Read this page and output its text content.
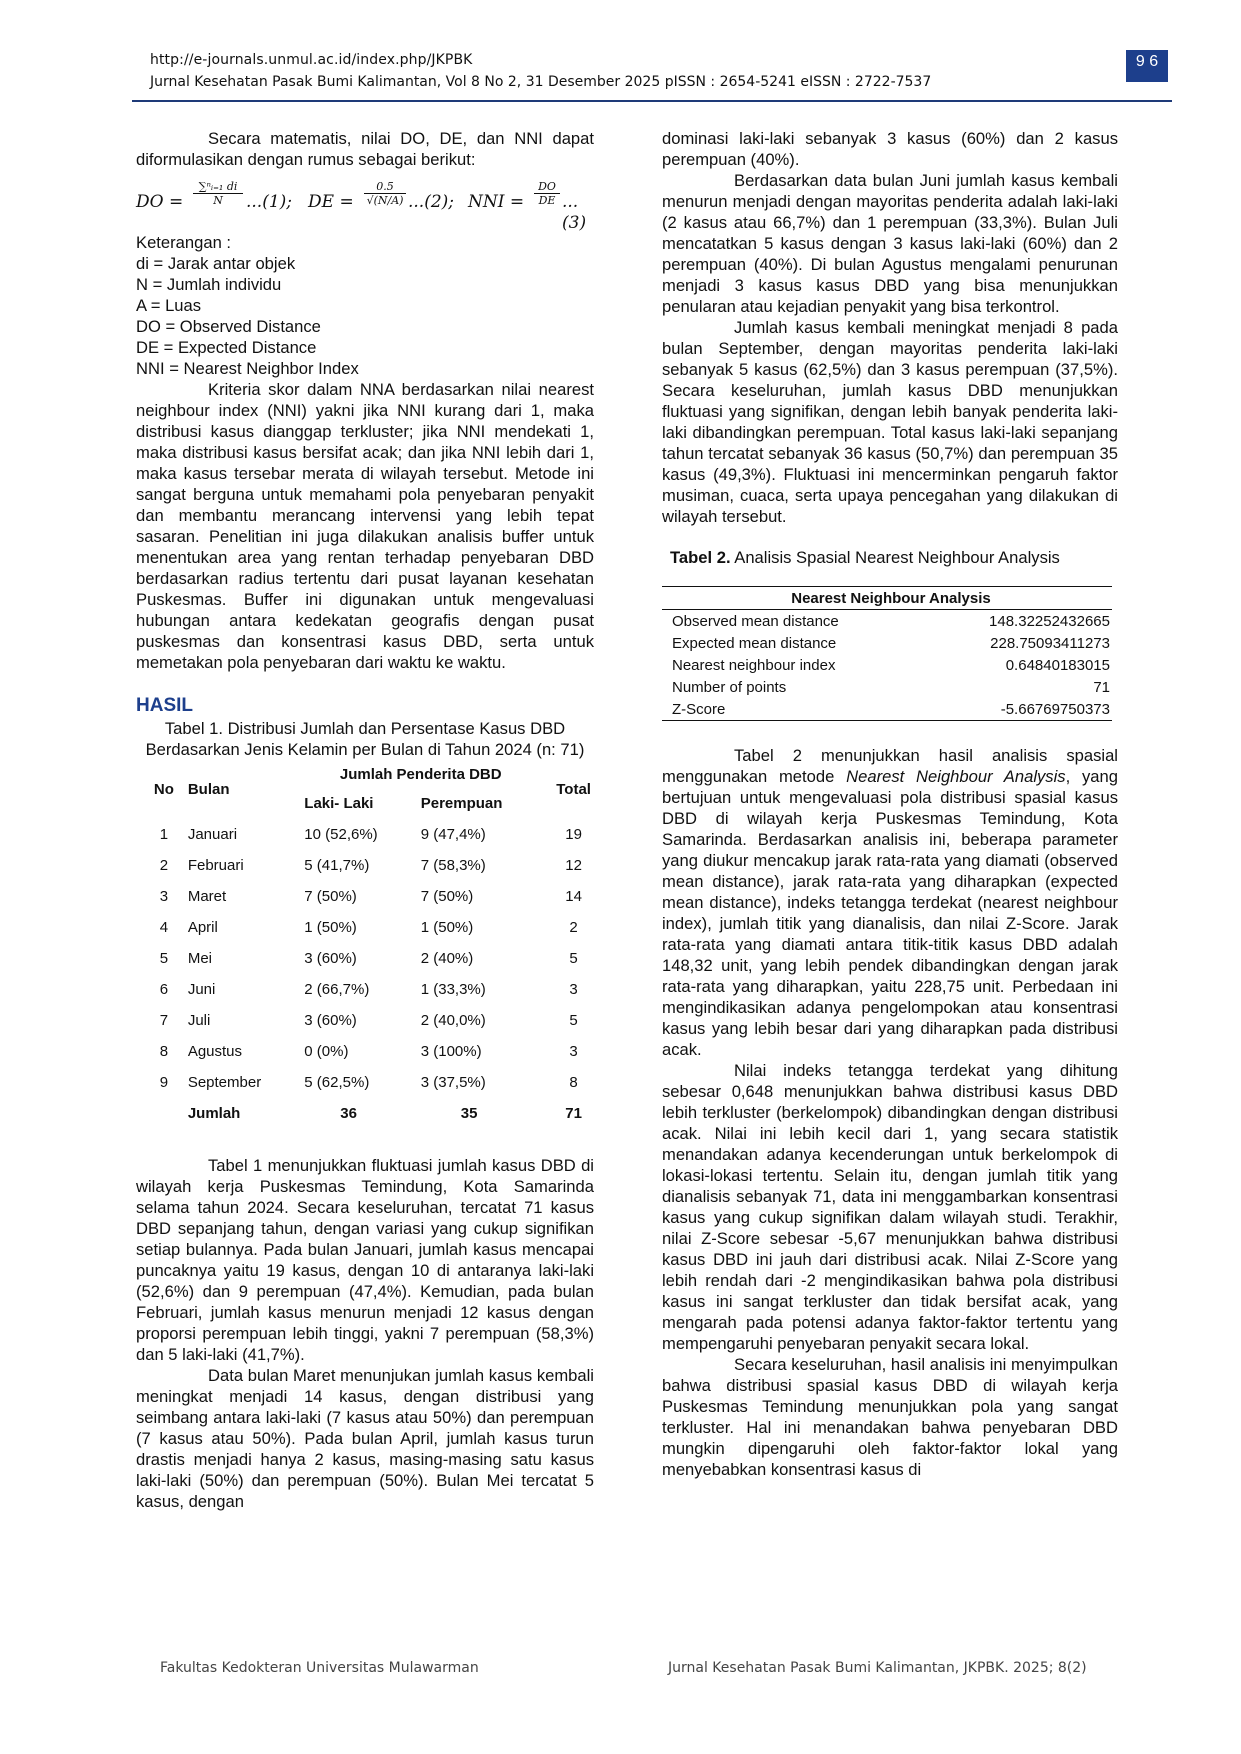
http://e-journals.unmul.ac.id/index.php/JKPBK
Jurnal Kesehatan Pasak Bumi Kalimantan, Vol 8 No 2, 31 Desember 2025 pISSN : 2654-5241 eISSN : 2722-7537
9 6

Secara matematis, nilai DO, DE, dan NNI dapat diformulasikan dengan rumus sebagai berikut:

DO = $\frac{\text{∑ⁿᵢ₌₁ di}}{N} ...(1)$; DE = $\frac{0.5}{√(N/A)} ...(2)$; NNI = $\frac{DO}{DE} ...(3)$
Keterangan :
di = Jarak antar objek
N = Jumlah individu
A = Luas
DO = Observed Distance
DE = Expected Distance
NNI = Nearest Neighbor Index

Kriteria skor dalam NNA berdasarkan nilai nearest neighbour index (NNI) yakni jika NNI kurang dari 1, maka distribusi kasus dianggap terkluster; jika NNI mendekati 1, maka distribusi kasus bersifat acak; dan jika NNI lebih dari 1, maka kasus tersebar merata di wilayah tersebut. Metode ini sangat berguna untuk memahami pola penyebaran penyakit dan membantu merancang intervensi yang lebih tepat sasaran. Penelitian ini juga dilakukan analisis buffer untuk menentukan area yang rentan terhadap penyebaran DBD berdasarkan radius tertentu dari pusat layanan kesehatan Puskesmas. Buffer ini digunakan untuk mengevaluasi hubungan antara kedekatan geografis dengan pusat puskesmas dan konsentrasi kasus DBD, serta untuk memetakan pola penyebaran dari waktu ke waktu.

HASIL

Tabel 1. Distribusi Jumlah dan Persentase Kasus DBD Berdasarkan Jenis Kelamin per Bulan di Tahun 2024 (n: 71)

No	Bulan	Jumlah Penderita DBD		Total
		Laki- Laki	Perempuan	
1	Januari	10 (52,6%)	9 (47,4%)	19
2	Februari	5 (41,7%)	7 (58,3%)	12
3	Maret	7 (50%)	7 (50%)	14
4	April	1 (50%)	1 (50%)	2
5	Mei	3 (60%)	2 (40%)	5
6	Juni	2 (66,7%)	1 (33,3%)	3
7	Juli	3 (60%)	2 (40,0%)	5
8	Agustus	0 (0%)	3 (100%)	3
9	September	5 (62,5%)	3 (37,5%)	8
	Jumlah	36	35	71

Tabel 1 menunjukkan fluktuasi jumlah kasus DBD di wilayah kerja Puskesmas Temindung, Kota Samarinda selama tahun 2024. Secara keseluruhan, tercatat 71 kasus DBD sepanjang tahun, dengan variasi yang cukup signifikan setiap bulannya. Pada bulan Januari, jumlah kasus mencapai puncaknya yaitu 19 kasus, dengan 10 di antaranya laki-laki (52,6%) dan 9 perempuan (47,4%). Kemudian, pada bulan Februari, jumlah kasus menurun menjadi 12 kasus dengan proporsi perempuan lebih tinggi, yakni 7 perempuan (58,3%) dan 5 laki-laki (41,7%).

Data bulan Maret menunjukan jumlah kasus kembali meningkat menjadi 14 kasus, dengan distribusi yang seimbang antara laki-laki (7 kasus atau 50%) dan perempuan (7 kasus atau 50%). Pada bulan April, jumlah kasus turun drastis menjadi hanya 2 kasus, masing-masing satu kasus laki-laki (50%) dan perempuan (50%). Bulan Mei tercatat 5 kasus, dengan

dominasi laki-laki sebanyak 3 kasus (60%) dan 2 kasus perempuan (40%).

Berdasarkan data bulan Juni jumlah kasus kembali menurun menjadi dengan mayoritas penderita adalah laki-laki (2 kasus atau 66,7%) dan 1 perempuan (33,3%). Bulan Juli mencatatkan 5 kasus dengan 3 kasus laki-laki (60%) dan 2 perempuan (40%). Di bulan Agustus mengalami penurunan menjadi 3 kasus kasus DBD yang bisa menunjukkan penularan atau kejadian penyakit yang bisa terkontrol.

Jumlah kasus kembali meningkat menjadi 8 pada bulan September, dengan mayoritas penderita laki-laki sebanyak 5 kasus (62,5%) dan 3 kasus perempuan (37,5%). Secara keseluruhan, jumlah kasus DBD menunjukkan fluktuasi yang signifikan, dengan lebih banyak penderita laki-laki dibandingkan perempuan. Total kasus laki-laki sepanjang tahun tercatat sebanyak 36 kasus (50,7%) dan perempuan 35 kasus (49,3%). Fluktuasi ini mencerminkan pengaruh faktor musiman, cuaca, serta upaya pencegahan yang dilakukan di wilayah tersebut.

Tabel 2. Analisis Spasial Nearest Neighbour Analysis

Nearest Neighbour Analysis	
Observed mean distance	148.32252432665
Expected mean distance	228.75093411273
Nearest neighbour index	0.64840183015
Number of points	71
Z-Score	-5.66769750373

Tabel 2 menunjukkan hasil analisis spasial menggunakan metode Nearest Neighbour Analysis, yang bertujuan untuk mengevaluasi pola distribusi spasial kasus DBD di wilayah kerja Puskesmas Temindung, Kota Samarinda. Berdasarkan analisis ini, beberapa parameter yang diukur mencakup jarak rata-rata yang diamati (observed mean distance), jarak rata-rata yang diharapkan (expected mean distance), indeks tetangga terdekat (nearest neighbour index), jumlah titik yang dianalisis, dan nilai Z-Score. Jarak rata-rata yang diamati antara titik-titik kasus DBD adalah 148,32 unit, yang lebih pendek dibandingkan dengan jarak rata-rata yang diharapkan, yaitu 228,75 unit. Perbedaan ini mengindikasikan adanya pengelompokan atau konsentrasi kasus yang lebih besar dari yang diharapkan pada distribusi acak.

Nilai indeks tetangga terdekat yang dihitung sebesar 0,648 menunjukkan bahwa distribusi kasus DBD lebih terkluster (berkelompok) dibandingkan dengan distribusi acak. Nilai ini lebih kecil dari 1, yang secara statistik menandakan adanya kecenderungan untuk berkelompok di lokasi-lokasi tertentu. Selain itu, dengan jumlah titik yang dianalisis sebanyak 71, data ini menggambarkan konsentrasi kasus yang cukup signifikan dalam wilayah studi. Terakhir, nilai Z-Score sebesar -5,67 menunjukkan bahwa distribusi kasus DBD ini jauh dari distribusi acak. Nilai Z-Score yang lebih rendah dari -2 mengindikasikan bahwa pola distribusi kasus ini sangat terkluster dan tidak bersifat acak, yang mengarah pada potensi adanya faktor-faktor tertentu yang mempengaruhi penyebaran penyakit secara lokal.

Secara keseluruhan, hasil analisis ini menyimpulkan bahwa distribusi spasial kasus DBD di wilayah kerja Puskesmas Temindung menunjukkan pola yang sangat terkluster. Hal ini menandakan bahwa penyebaran DBD mungkin dipengaruhi oleh faktor-faktor lokal yang menyebabkan konsentrasi kasus di

Fakultas Kedokteran Universitas Mulawarman	Jurnal Kesehatan Pasak Bumi Kalimantan, JKPBK. 2025; 8(2)
